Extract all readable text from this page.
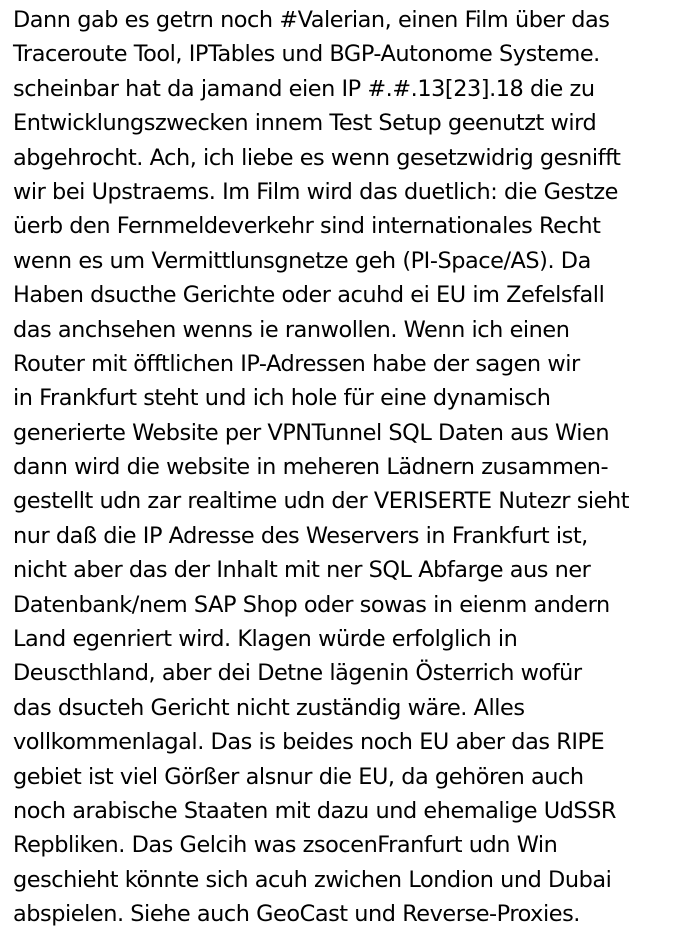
Dann gab es getrn noch #Valerian, einen Film über das
Traceroute Tool, IPTables und BGP-Autonome Systeme.
scheinbar hat da jamand eien IP #.#.13[23].18 die zu
Entwicklungszwecken innem Test Setup geenutzt wird
abgehrocht. Ach, ich liebe es wenn gesetzwidrig gesnifft
wir bei Upstraems. Im Film wird das duetlich: die Gestze
üerb den Fernmeldeverkehr sind internationales Recht
wenn es um Vermittlunsgnetze geh (PI-Space/AS). Da
Haben dsucthe Gerichte oder acuhd ei EU im Zefelsfall
das anchsehen wenns ie ranwollen. Wenn ich einen
Router mit öfftlichen IP-Adressen habe der sagen wir
in Frankfurt steht und ich hole für eine dynamisch
generierte Website per VPNTunnel SQL Daten aus Wien
dann wird die website in meheren Lädnern zusammen-
gestellt udn zar realtime udn der VERISERTE Nutezr sieht
nur daß die IP Adresse des Weservers in Frankfurt ist,
nicht aber das der Inhalt mit ner SQL Abfarge aus ner
Datenbank/nem SAP Shop oder sowas in eienm andern
Land egenriert wird. Klagen würde erfolglich in
Deuscthland, aber dei Detne lägenin Österrich wofür
das dsucteh Gericht nicht zuständig wäre. Alles
vollkommenlagal. Das is beides noch EU aber das RIPE
gebiet ist viel Görßer alsnur die EU, da gehören auch
noch arabische Staaten mit dazu und ehemalige UdSSR
Repbliken. Das Gelcih was zsocenFranfurt udn Win
geschieht könnte sich acuh zwichen Londion und Dubai
abspielen. Siehe auch GeoCast und Reverse-Proxies.
